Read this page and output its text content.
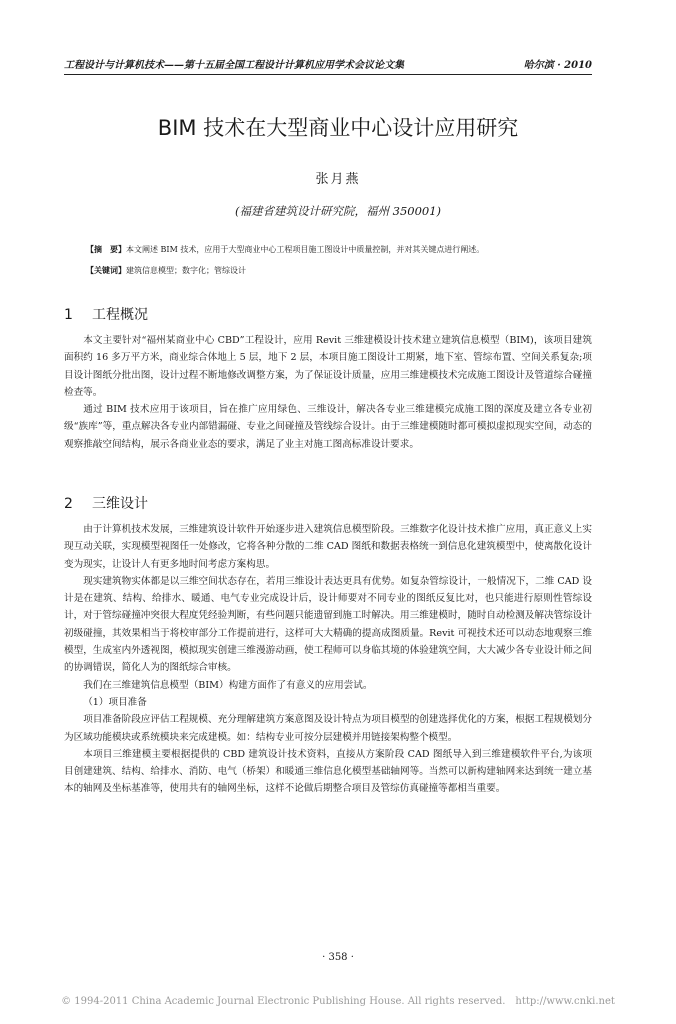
工程设计与计算机技术——第十五届全国工程设计计算机应用学术会议论文集	哈尔滨 · 2010
BIM 技术在大型商业中心设计应用研究
张月燕
(福建省建筑设计研究院，福州 350001)
【摘　要】本文阐述 BIM 技术，应用于大型商业中心工程项目施工图设计中质量控制，并对其关键点进行阐述。
【关键词】建筑信息模型；数字化；管综设计
1 工程概况

本文主要针对“福州某商业中心 CBD”工程设计，应用 Revit 三维建模设计技术建立建筑信息模型（BIM)，该项目建筑面积约 16 多万平方米，商业综合体地上 5 层，地下 2 层，本项目施工图设计工期紧，地下室、管综布置、空间关系复杂;项目设计图纸分批出图，设计过程不断地修改调整方案，为了保证设计质量，应用三维建模技术完成施工图设计及管道综合碰撞检查等。

通过 BIM 技术应用于该项目，旨在推广应用绿色、三维设计，解决各专业三维建模完成施工图的深度及建立各专业初级“族库”等，重点解决各专业内部错漏碰、专业之间碰撞及管线综合设计。由于三维建模随时都可模拟虚拟现实空间，动态的观察推敲空间结构，展示各商业业态的要求，满足了业主对施工图高标准设计要求。

2 三维设计

由于计算机技术发展，三维建筑设计软件开始逐步进入建筑信息模型阶段。三维数字化设计技术推广应用，真正意义上实现互动关联，实现模型视图任一处修改，它将各种分散的二维 CAD 图纸和数据表格统一到信息化建筑模型中，使离散化设计变为现实，让设计人有更多地时间考虑方案构思。

现实建筑物实体都是以三维空间状态存在，若用三维设计表达更具有优势。如复杂管综设计，一般情况下，二维 CAD 设计是在建筑、结构、给排水、暖通、电气专业完成设计后，设计师要对不同专业的图纸反复比对，也只能进行原则性管综设计，对于管综碰撞冲突很大程度凭经验判断，有些问题只能遗留到施工时解决。用三维建模时，随时自动检测及解决管综设计初级碰撞，其效果相当于将校审部分工作提前进行，这样可大大精确的提高成图质量。Revit 可视技术还可以动态地观察三维模型，生成室内外透视图，模拟现实创建三维漫游动画，使工程师可以身临其境的体验建筑空间，大大减少各专业设计师之间的协调错误，简化人为的图纸综合审核。

我们在三维建筑信息模型（BIM）构建方面作了有意义的应用尝试。

（1）项目准备

项目准备阶段应评估工程规模、充分理解建筑方案意图及设计特点为项目模型的创建选择优化的方案，根据工程规模划分为区域功能模块或系统模块来完成建模。如：结构专业可按分层建模并用链接架构整个模型。

本项目三维建模主要根据提供的 CBD 建筑设计技术资料，直接从方案阶段 CAD 图纸导入到三维建模软件平台,为该项目创建建筑、结构、给排水、消防、电气（桥架）和暖通三维信息化模型基础轴网等。当然可以新构建轴网来达到统一建立基本的轴网及坐标基准等，使用共有的轴网坐标，这样不论做后期整合项目及管综仿真碰撞等都相当重要。

· 358 ·
© 1994-2011 China Academic Journal Electronic Publishing House. All rights reserved.　http://www.cnki.net
